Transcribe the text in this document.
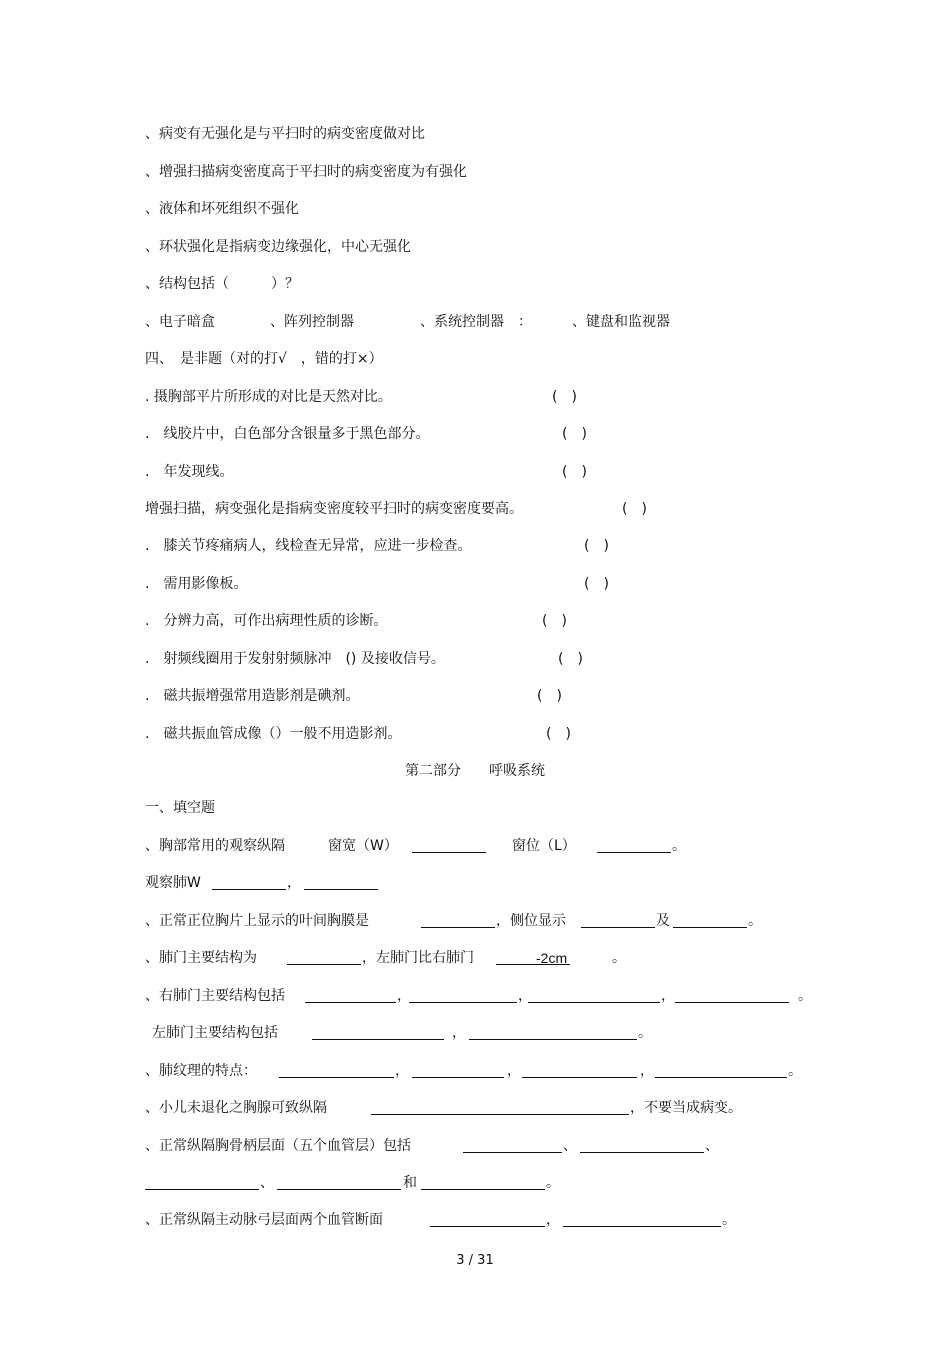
、病变有无强化是与平扫时的病变密度做对比
、增强扫描病变密度高于平扫时的病变密度为有强化
、液体和坏死组织不强化
、环状强化是指病变边缘强化，中心无强化
、结构包括（　　　）？
、电子暗盒	、阵列控制器	、系统控制器　：	、键盘和监视器
四、　是非题（对的打√　，错的打×）
. 摄胸部平片所形成的对比是天然对比。	(　)
.　线胶片中，白色部分含银量多于黑色部分。	(　)
.　年发现线。	(　)
增强扫描，病变强化是指病变密度较平扫时的病变密度要高。	(　)
.　膝关节疼痛病人，线检查无异常，应进一步检查。	(　)
.　需用影像板。	(　)
.　分辨力高，可作出病理性质的诊断。	(　)
.　射频线圈用于发射射频脉冲　() 及接收信号。	(　)
.　磁共振增强常用造影剂是碘剂。	(　)
.　磁共振血管成像（）一般不用造影剂。	(　)
第二部分　　呼吸系统
一、填空题
、胸部常用的观察纵隔	窗宽（W）	窗位（L）	。
观察肺W	，
、正常正位胸片上显示的叶间胸膜是	，侧位显示	及	。
、肺门主要结构为	，左肺门比右肺门	-2cm	。
、右肺门主要结构包括	，	，	，	。
左肺门主要结构包括	，	。
、肺纹理的特点：	，	，	，	。
、小儿未退化之胸腺可致纵隔	，不要当成病变。
、正常纵隔胸骨柄层面（五个血管层）包括	、	、
、	和	。
、正常纵隔主动脉弓层面两个血管断面	，	。
3 / 31
